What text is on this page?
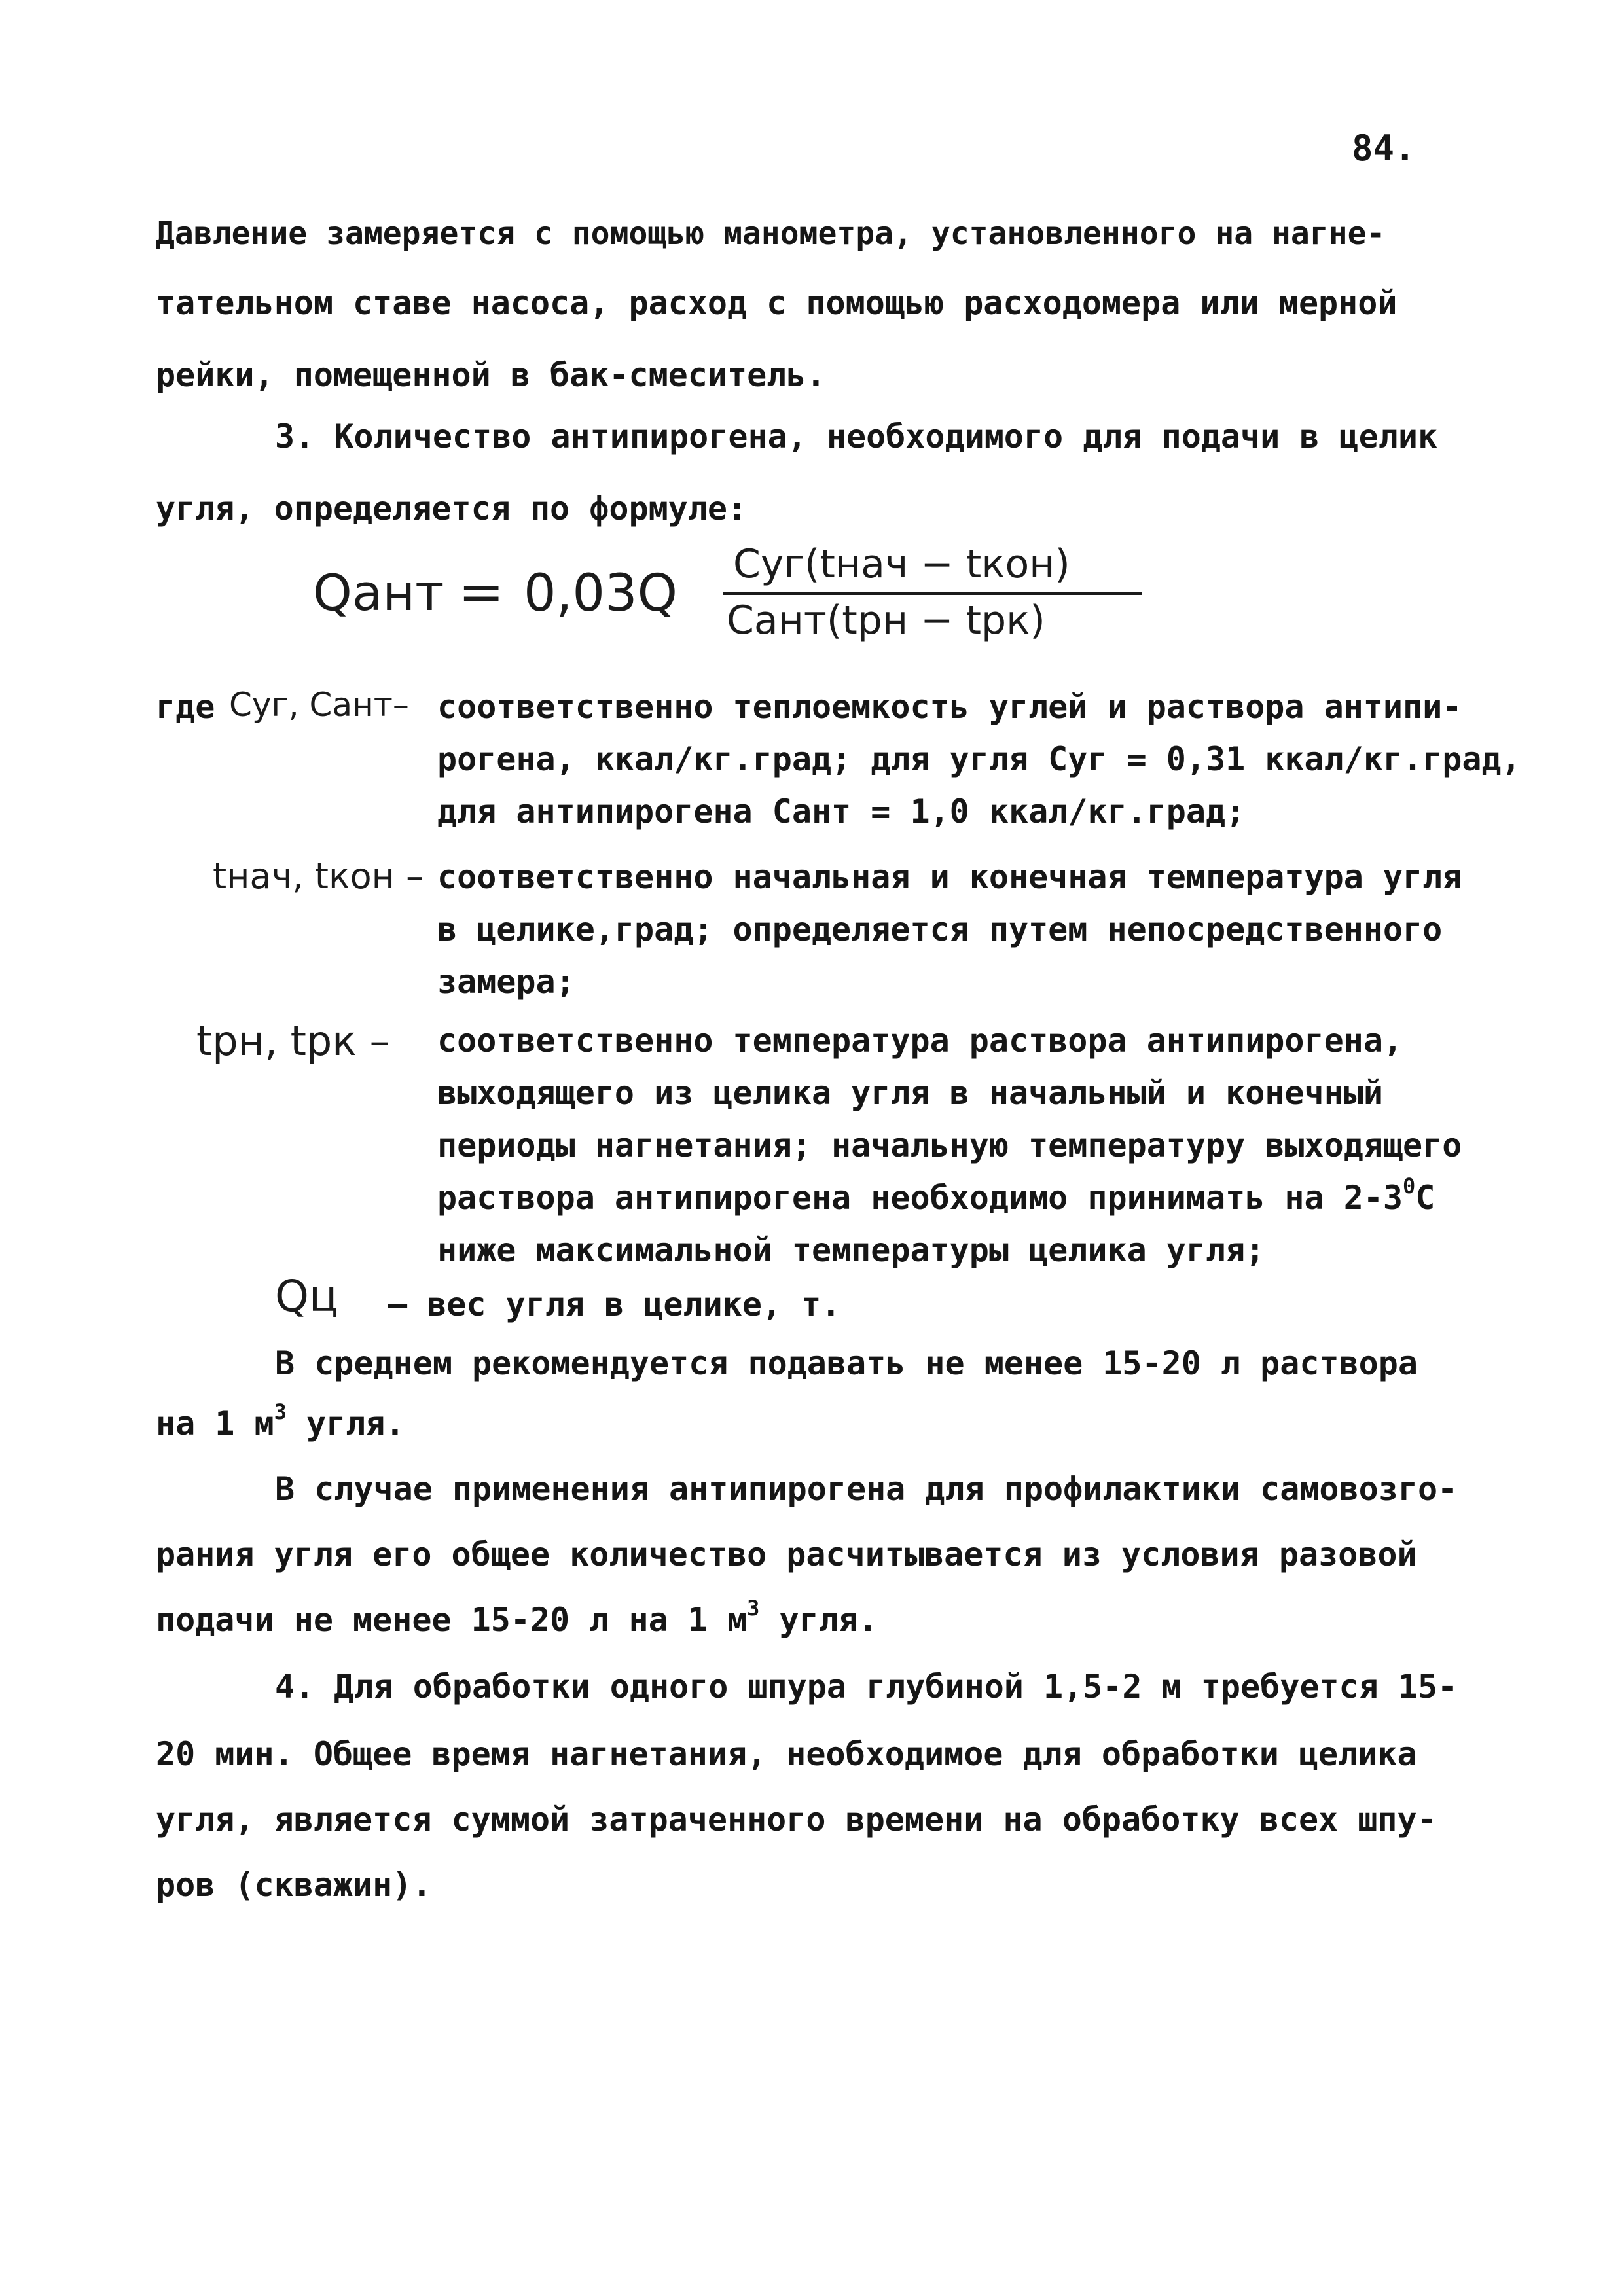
84.
Давление замеряется с помощью манометра, установленного на нагне-
тательном ставе насоса, расход с помощью расходомера или мерной
рейки, помещенной в бак-смеситель.
3. Количество антипирогена, необходимого для подачи в целик
угля, определяется по формуле:
Qант = 0,03Q Cуг(tнач − tкон)
Cант(tрн − tрк)
где Cуг, Cант– соответственно теплоемкость углей и раствора антипи-
рогена, ккал/кг.град; для угля Cуг = 0,31 ккал/кг.град,
для антипирогена Cант = 1,0 ккал/кг.град;
tнач, tкон – соответственно начальная и конечная температура угля
в целике,град; определяется путем непосредственного
замера;
tрн, tрк – соответственно температура раствора антипирогена,
выходящего из целика угля в начальный и конечный
периоды нагнетания; начальную температуру выходящего
раствора антипирогена необходимо принимать на $2-3^0С$
ниже максимальной температуры целика угля;
Qц – вес угля в целике, т.
В среднем рекомендуется подавать не менее 15-20 л раствора
на 1 $м^3$ угля.
В случае применения антипирогена для профилактики самовозго-
рания угля его общее количество расчитывается из условия разовой
подачи не менее 15-20 л на 1 $м^3$ угля.
4. Для обработки одного шпура глубиной 1,5-2 м требуется 15-
20 мин. Общее время нагнетания, необходимое для обработки целика
угля, является суммой затраченного времени на обработку всех шпу-
ров (скважин).
